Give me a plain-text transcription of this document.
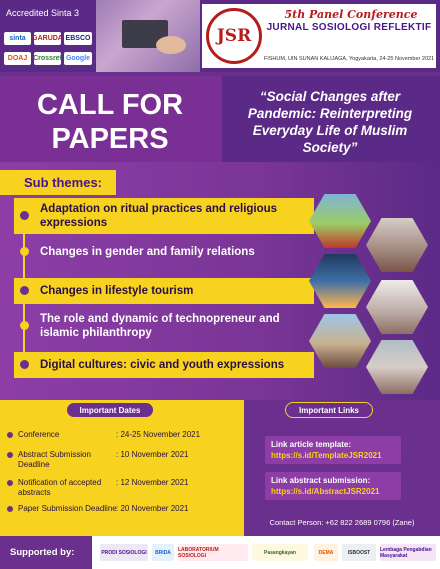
Accredited Sinta 3
sinta GARUDA EBSCO
DOAJ Crossref Google
JSR
5th Panel Conference
JURNAL SOSIOLOGI REFLEKTIF
FISHUM, UIN SUNAN KALIJAGA, Yogyakarta, 24-25 November 2021
CALL FOR PAPERS
“Social Changes after Pandemic: Reinterpreting Everyday Life of Muslim Society”
Sub themes:
Adaptation on ritual practices and religious expressions
Changes in gender and family relations
Changes in lifestyle tourism
The role and dynamic of technopreneur and islamic philanthropy
Digital cultures: civic and youth expressions
Important Dates
Conference	: 24-25 November 2021
Abstract Submission Deadline
: 10 November 2021
Notification of accepted abstracts
: 12 November 2021
Paper Submission Deadline : 20 November 2021
Important Links
Link article template:
https://s.id/TemplateJSR2021
Link abstract submission:
https://s.id/AbstractJSR2021
Contact Person: +62 822 2689 0796 (Zane)
Supported by:	PRODI SOSIOLOGI	BRIDA	LABORATORIUM SOSIOLOGI	Pasangkayan	DEMA	ISBOOST	Lembaga Pengabdian Masyarakat
